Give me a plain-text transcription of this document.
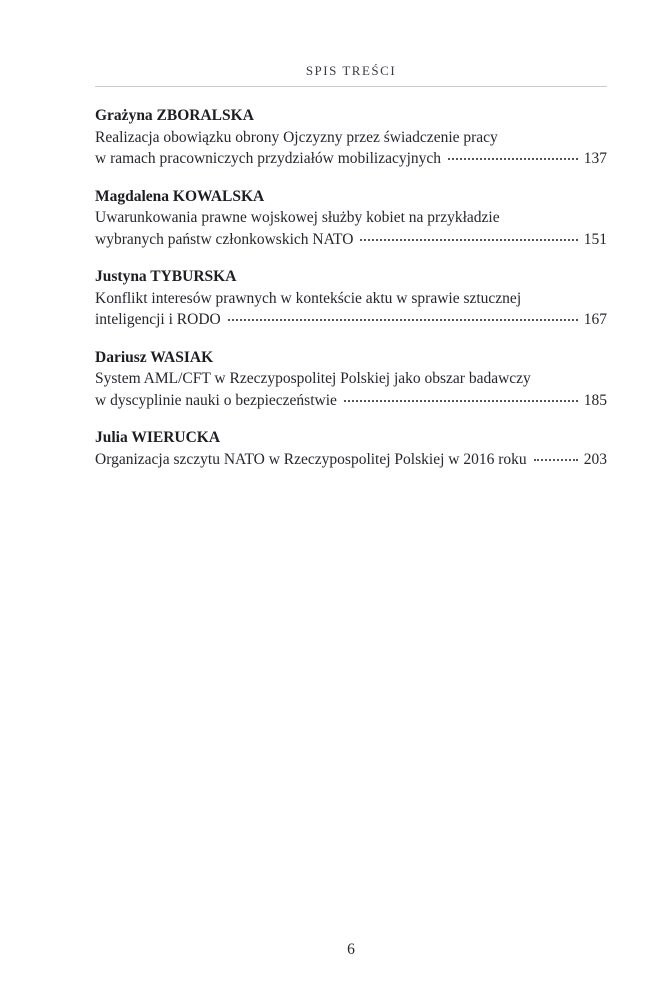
SPIS TREŚCI
Grażyna ZBORALSKA
Realizacja obowiązku obrony Ojczyzny przez świadczenie pracy
w ramach pracowniczych przydziałów mobilizacyjnych	137
Magdalena KOWALSKA
Uwarunkowania prawne wojskowej służby kobiet na przykładzie
wybranych państw członkowskich NATO	151
Justyna TYBURSKA
Konflikt interesów prawnych w kontekście aktu w sprawie sztucznej
inteligencji i RODO	167
Dariusz WASIAK
System AML/CFT w Rzeczypospolitej Polskiej jako obszar badawczy
w dyscyplinie nauki o bezpieczeństwie	185
Julia WIERUCKA
Organizacja szczytu NATO w Rzeczypospolitej Polskiej w 2016 roku	203
6
